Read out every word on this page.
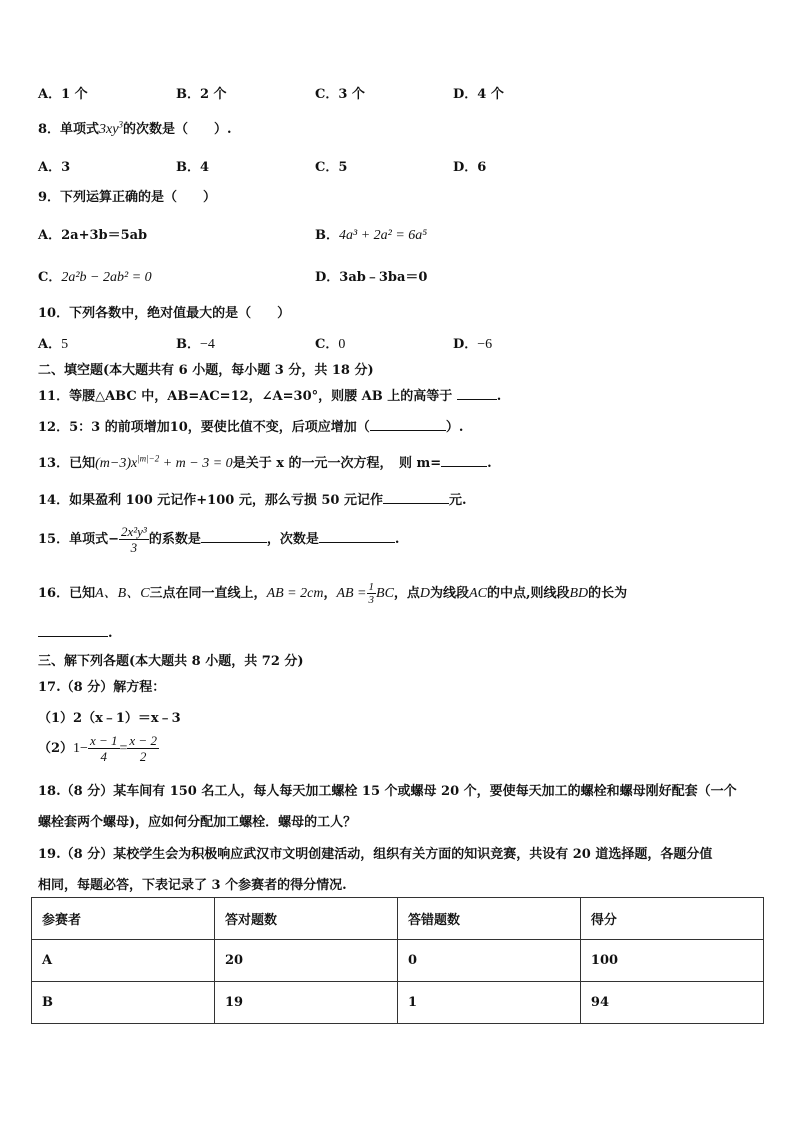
A．1 个	B．2 个	C．3 个	D．4 个
8．单项式$3xy^3$的次数是（　　）.
A．3	B．4	C．5	D．6
9．下列运算正确的是（　　）
A．2a+3b＝5ab	B．4a³ + 2a² = 6a⁵
C．2a²b − 2ab² = 0	D．3ab﹣3ba＝0
10．下列各数中，绝对值最大的是（　　）
A．5	B．−4	C．0	D．−6
二、填空题(本大题共有 6 小题，每小题 3 分，共 18 分)
11．等腰△ABC 中，AB=AC=12，∠A=30°，则腰 AB 上的高等于	.
12．5：3 的前项增加10，要使比值不变，后项应增加（	）.
13．已知$(m-3)x^{|m|-2} + m - 3 = 0$是关于 x 的一元一次方程，　则 m=	.
14．如果盈利 100 元记作+100 元，那么亏损 50 元记作	元.
15．单项式− $\frac{\text{2x²y³}}{3}$ 的系数是	，次数是	.
16．已知A、B、C三点在同一直线上，AB = 2cm，AB = $\frac{1}{3}$ BC，点D为线段AC的中点,则线段BD的长为
.
三、解下列各题(本大题共 8 小题，共 72 分)
17.（8 分）解方程：
（1）2（x﹣1）＝x﹣3
$(2)1- \frac{x - 1}{4} = \frac{x - 2}{2}$
18.（8 分）某车间有 150 名工人，每人每天加工螺栓 15 个或螺母 20 个，要使每天加工的螺栓和螺母刚好配套（一个
螺栓套两个螺母)，应如何分配加工螺栓．螺母的工人？
19.（8 分）某校学生会为积极响应武汉市文明创建活动，组织有关方面的知识竞赛，共设有 20 道选择题，各题分值
相同，每题必答，下表记录了 3 个参赛者的得分情况.
参赛者	答对题数	答错题数	得分
A	20	0	100
B	19	1	94
